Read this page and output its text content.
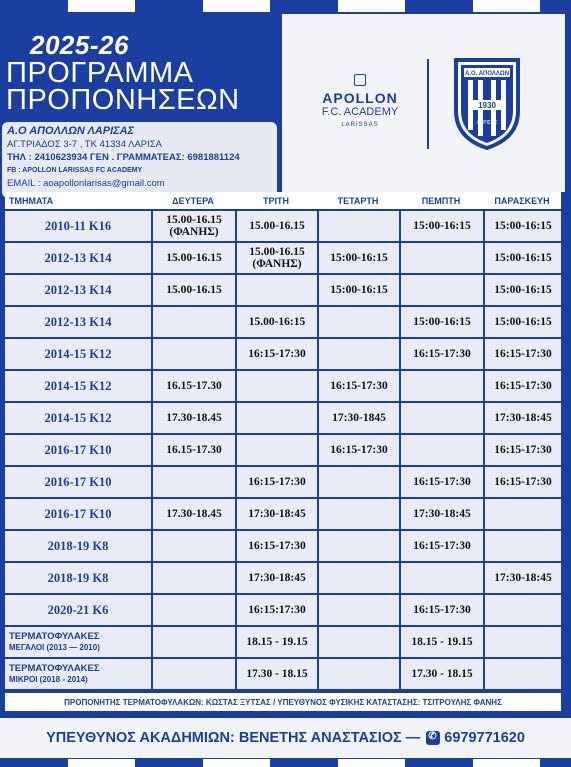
2025-26
ΠΡΟΓΡΑΜΜΑ
ΠΡΟΠΟΝΗΣΕΩΝ
Α.Ο ΑΠΟΛΛΩΝ ΛΑΡΙΣΑΣ
ΑΓ.ΤΡΙΑΔΟΣ 3-7 , ΤΚ 41334 ΛΑΡΙΣΑ
ΤΗΛ : 2410623934 ΓΕΝ . ΓΡΑΜΜΑΤΕΑΣ: 6981881124
FB : APOLLON LARISSAS FC ACADEMY
EMAIL : aoapollonlarisas@gmail.com
APOLLON
F.C. ACADEMY
LARISSAS
Α.Ο. ΑΠΟΛΛΩΝ
1930
ΛΑΡΙΣΑΣ
ΤΜΗΜΑΤΑ	ΔΕΥΤΕΡΑ	ΤΡΙΤΗ	ΤΕΤΑΡΤΗ	ΠΕΜΠΤΗ	ΠΑΡΑΣΚΕΥΗ
2010-11 K16	15.00-16.15
(ΦΑΝΗΣ)	15.00-16.15	15:00-16:15	15:00-16:15
2012-13 K14	15.00-16.15	15.00-16.15
(ΦΑΝΗΣ)	15:00-16:15	15:00-16:15
2012-13 K14	15.00-16.15	15:00-16:15	15:00-16:15
2012-13 K14	15.00-16:15	15:00-16:15	15:00-16:15
2014-15 K12	16:15-17:30	16:15-17:30	16:15-17:30
2014-15 K12	16.15-17.30	16:15-17:30	16:15-17:30
2014-15 K12	17.30-18.45	17:30-1845	17:30-18:45
2016-17 K10	16.15-17.30	16:15-17:30	16:15-17:30
2016-17 K10	16:15-17:30	16:15-17:30	16:15-17:30
2016-17 K10	17.30-18.45	17:30-18:45	17:30-18:45
2018-19 K8	16:15-17:30	16:15-17:30
2018-19 K8	17:30-18:45	17:30-18:45
2020-21 K6	16:15:17:30	16:15-17:30
ΤΕΡΜΑΤΟΦΥΛΑΚΕΣ
ΜΕΓΑΛΟΙ (2013 — 2010)	18.15 - 19.15	18.15 - 19.15
ΤΕΡΜΑΤΟΦΥΛΑΚΕΣ
ΜΙΚΡΟΙ (2018 - 2014)	17.30 - 18.15	17.30 - 18.15
ΠΡΟΠΟΝΗΤΗΣ ΤΕΡΜΑΤΟΦΥΛΑΚΩΝ: ΚΩΣΤΑΣ ΞΥΤΣΑΣ / ΥΠΕΥΘΥΝΟΣ ΦΥΣΙΚΗΣ ΚΑΤΑΣΤΑΣΗΣ: ΤΣΙΤΡΟΥΛΗΣ ΦΑΝΗΣ
ΥΠΕΥΘΥΝΟΣ ΑΚΑΔΗΜΙΩΝ: ΒΕΝΕΤΗΣ ΑΝΑΣΤΑΣΙΟΣ —
✆ 6979771620
